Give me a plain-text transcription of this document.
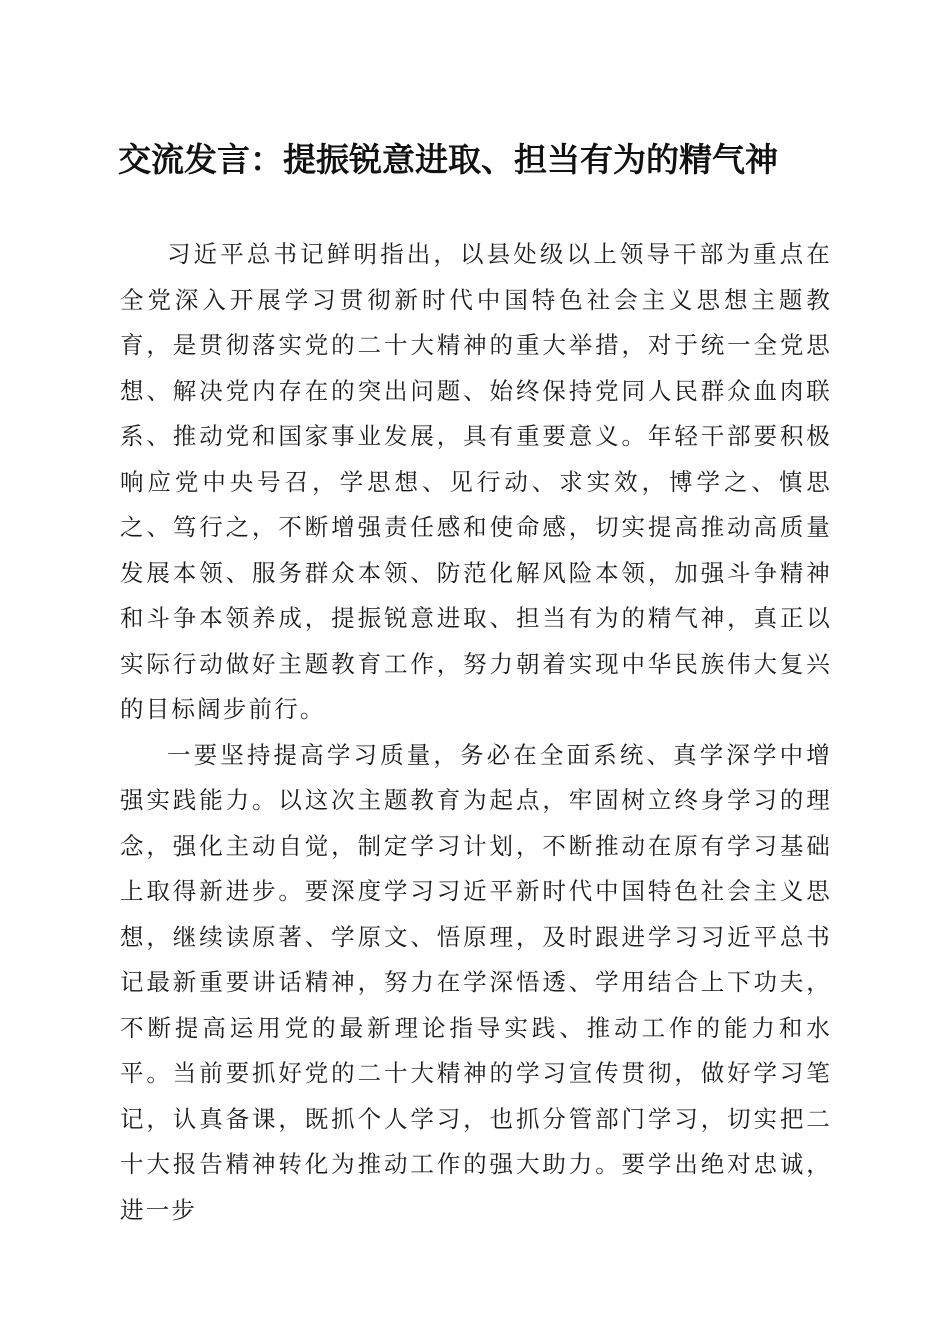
交流发言：提振锐意进取、担当有为的精气神

习近平总书记鲜明指出，以县处级以上领导干部为重点在全党深入开展学习贯彻新时代中国特色社会主义思想主题教育，是贯彻落实党的二十大精神的重大举措，对于统一全党思想、解决党内存在的突出问题、始终保持党同人民群众血肉联系、推动党和国家事业发展，具有重要意义。年轻干部要积极响应党中央号召，学思想、见行动、求实效，博学之、慎思之、笃行之，不断增强责任感和使命感，切实提高推动高质量发展本领、服务群众本领、防范化解风险本领，加强斗争精神和斗争本领养成，提振锐意进取、担当有为的精气神，真正以实际行动做好主题教育工作，努力朝着实现中华民族伟大复兴的目标阔步前行。

一要坚持提高学习质量，务必在全面系统、真学深学中增强实践能力。以这次主题教育为起点，牢固树立终身学习的理念，强化主动自觉，制定学习计划，不断推动在原有学习基础上取得新进步。要深度学习习近平新时代中国特色社会主义思想，继续读原著、学原文、悟原理，及时跟进学习习近平总书记最新重要讲话精神，努力在学深悟透、学用结合上下功夫，不断提高运用党的最新理论指导实践、推动工作的能力和水平。当前要抓好党的二十大精神的学习宣传贯彻，做好学习笔记，认真备课，既抓个人学习，也抓分管部门学习，切实把二十大报告精神转化为推动工作的强大助力。要学出绝对忠诚，进一步
